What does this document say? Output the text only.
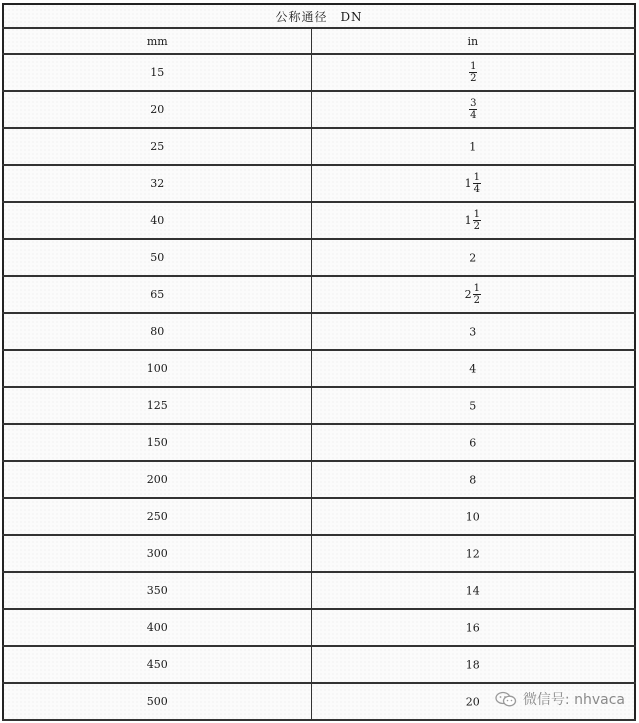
公称通径　DN	
mm	in
15	$\frac{1}{2}$

20	$\frac{3}{4}$

25	1
32	$1 \frac{1}{4}$

40	$1 \frac{1}{2}$

50	2
65	$2 \frac{1}{2}$

80	3
100	4
125	5
150	6
200	8
250	10
300	12
350	14
400	16
450	18
500	20	微信号: nhvaca
